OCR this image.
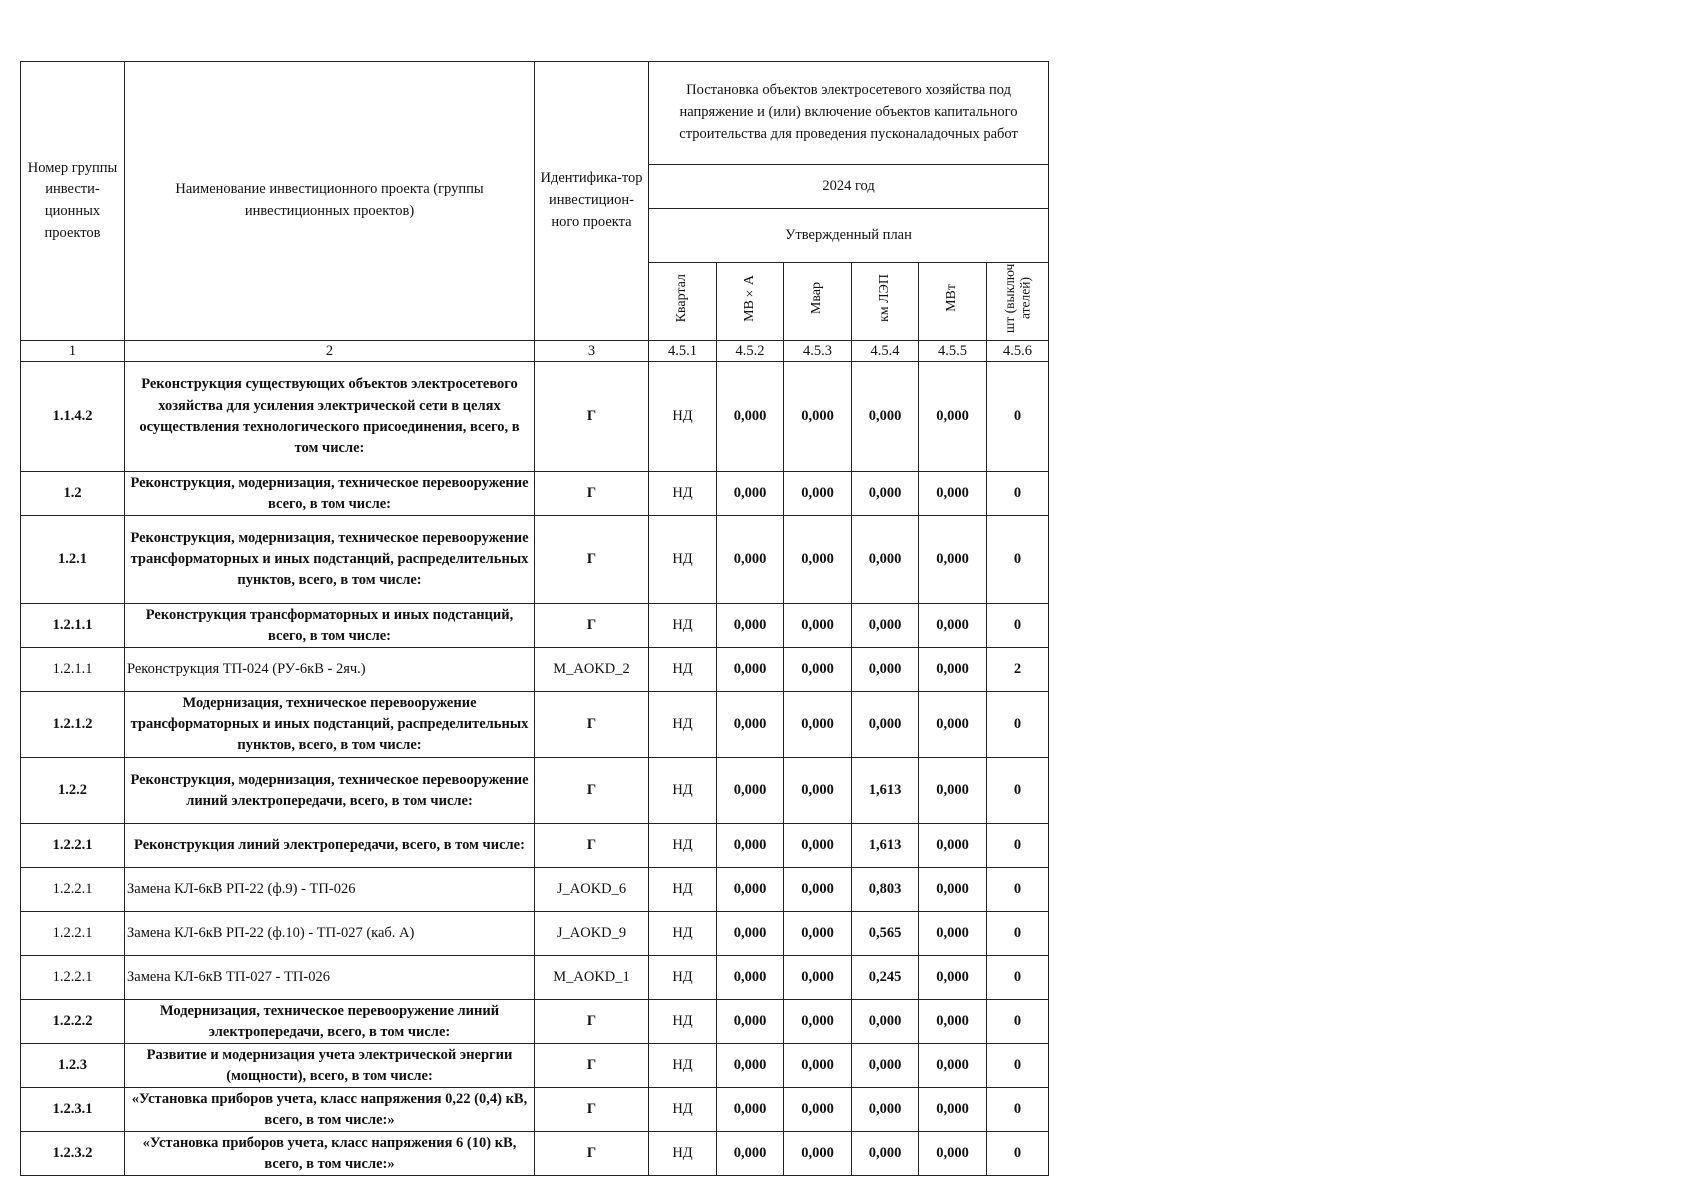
Номер группы инвести-ционных проектов	Наименование инвестиционного проекта (группы инвестиционных проектов)	Идентифика-тор инвестицион-ного проекта	Постановка объектов электросетевого хозяйства под напряжение и (или) включение объектов капитального строительства для проведения пусконаладочных работ					
			2024 год					
			Утвержденный план					
			Квартал	МВ×А	Мвар	км ЛЭП	МВт	шт (выключ ателей)
1	2	3	4.5.1	4.5.2	4.5.3	4.5.4	4.5.5	4.5.6
1.1.4.2	Реконструкция существующих объектов электросетевого хозяйства для усиления электрической сети в целях осуществления технологического присоединения, всего, в том числе:	Г	НД	0,000	0,000	0,000	0,000	0
1.2	Реконструкция, модернизация, техническое перевооружение всего, в том числе:	Г	НД	0,000	0,000	0,000	0,000	0
1.2.1	Реконструкция, модернизация, техническое перевооружение трансформаторных и иных подстанций, распределительных пунктов, всего, в том числе:	Г	НД	0,000	0,000	0,000	0,000	0
1.2.1.1	Реконструкция трансформаторных и иных подстанций, всего, в том числе:	Г	НД	0,000	0,000	0,000	0,000	0
1.2.1.1	Реконструкция ТП-024 (РУ-6кВ - 2яч.)	M_AOKD_2	НД	0,000	0,000	0,000	0,000	2
1.2.1.2	Модернизация, техническое перевооружение трансформаторных и иных подстанций, распределительных пунктов, всего, в том числе:	Г	НД	0,000	0,000	0,000	0,000	0
1.2.2	Реконструкция, модернизация, техническое перевооружение линий электропередачи, всего, в том числе:	Г	НД	0,000	0,000	1,613	0,000	0
1.2.2.1	Реконструкция линий электропередачи, всего, в том числе:	Г	НД	0,000	0,000	1,613	0,000	0
1.2.2.1	Замена КЛ-6кВ РП-22 (ф.9) - ТП-026	J_AOKD_6	НД	0,000	0,000	0,803	0,000	0
1.2.2.1	Замена КЛ-6кВ РП-22 (ф.10) - ТП-027 (каб. А)	J_AOKD_9	НД	0,000	0,000	0,565	0,000	0
1.2.2.1	Замена КЛ-6кВ ТП-027 - ТП-026	M_AOKD_1	НД	0,000	0,000	0,245	0,000	0
1.2.2.2	Модернизация, техническое перевооружение линий электропередачи, всего, в том числе:	Г	НД	0,000	0,000	0,000	0,000	0
1.2.3	Развитие и модернизация учета электрической энергии (мощности), всего, в том числе:	Г	НД	0,000	0,000	0,000	0,000	0
1.2.3.1	«Установка приборов учета, класс напряжения 0,22 (0,4) кВ, всего, в том числе:»	Г	НД	0,000	0,000	0,000	0,000	0
1.2.3.2	«Установка приборов учета, класс напряжения 6 (10) кВ, всего, в том числе:»	Г	НД	0,000	0,000	0,000	0,000	0
